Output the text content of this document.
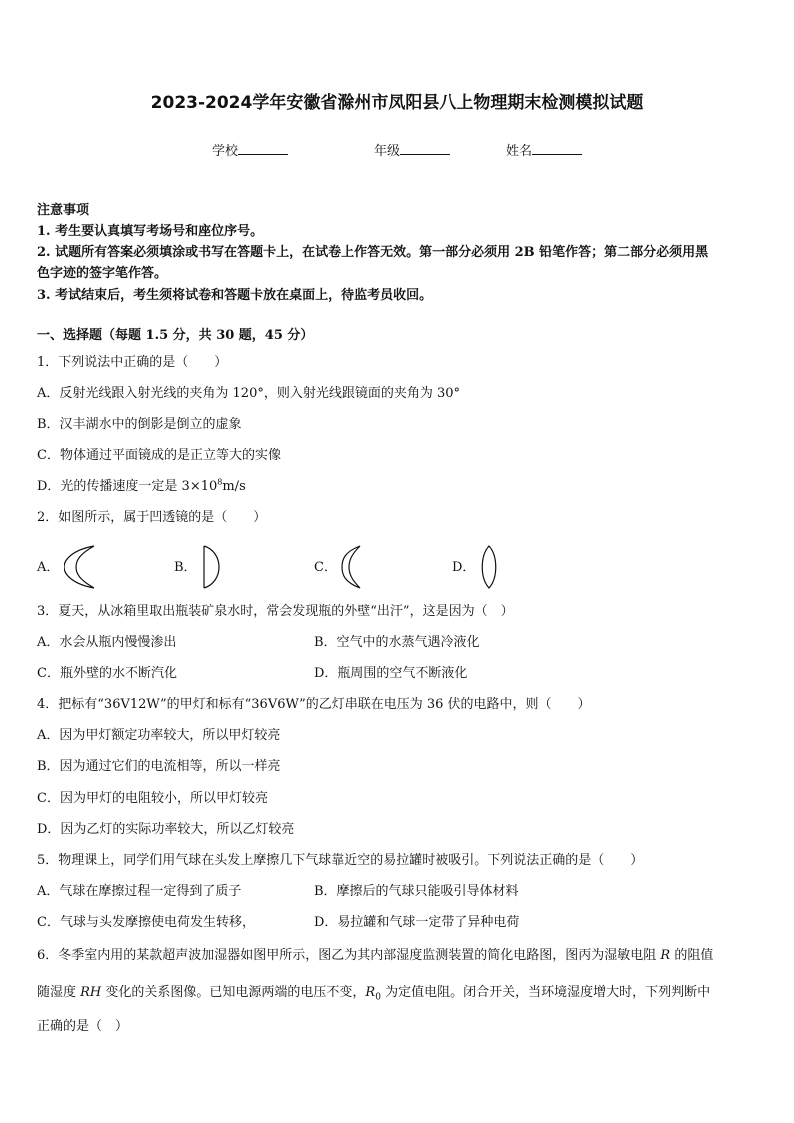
2023-2024学年安徽省滁州市凤阳县八上物理期末检测模拟试题
学校	年级	姓名
注意事项
1. 考生要认真填写考场号和座位序号。
2. 试题所有答案必须填涂或书写在答题卡上，在试卷上作答无效。第一部分必须用 2B 铅笔作答；第二部分必须用黑
色字迹的签字笔作答。
3. 考试结束后，考生须将试卷和答题卡放在桌面上，待监考员收回。
一、选择题（每题 1.5 分，共 30 题，45 分）
1．下列说法中正确的是（　　）
A．反射光线跟入射光线的夹角为 120°，则入射光线跟镜面的夹角为 30°
B．汉丰湖水中的倒影是倒立的虚象
C．物体通过平面镜成的是正立等大的实像
D．光的传播速度一定是 $3\times 10^8m/s$
2．如图所示，属于凹透镜的是（　　）
A．	B．	C．	D．
3．夏天，从冰箱里取出瓶装矿泉水时，常会发现瓶的外壁“出汗”，这是因为（　）
A．水会从瓶内慢慢渗出	B．空气中的水蒸气遇冷液化
C．瓶外壁的水不断汽化	D．瓶周围的空气不断液化
4．把标有“36V12W”的甲灯和标有“36V6W”的乙灯串联在电压为 36 伏的电路中，则（　　）
A．因为甲灯额定功率较大，所以甲灯较亮
B．因为通过它们的电流相等，所以一样亮
C．因为甲灯的电阻较小，所以甲灯较亮
D．因为乙灯的实际功率较大，所以乙灯较亮
5．物理课上，同学们用气球在头发上摩擦几下气球靠近空的易拉罐时被吸引。下列说法正确的是（　　）
A．气球在摩擦过程一定得到了质子	B．摩擦后的气球只能吸引导体材料
C．气球与头发摩擦使电荷发生转移，	D．易拉罐和气球一定带了异种电荷
6．冬季室内用的某款超声波加湿器如图甲所示，图乙为其内部湿度监测装置的简化电路图，图丙为湿敏电阻 R 的阻值
随湿度 RH 变化的关系图像。已知电源两端的电压不变，$R_0$ 为定值电阻。闭合开关，当环境湿度增大时，下列判断中
正确的是（　）
